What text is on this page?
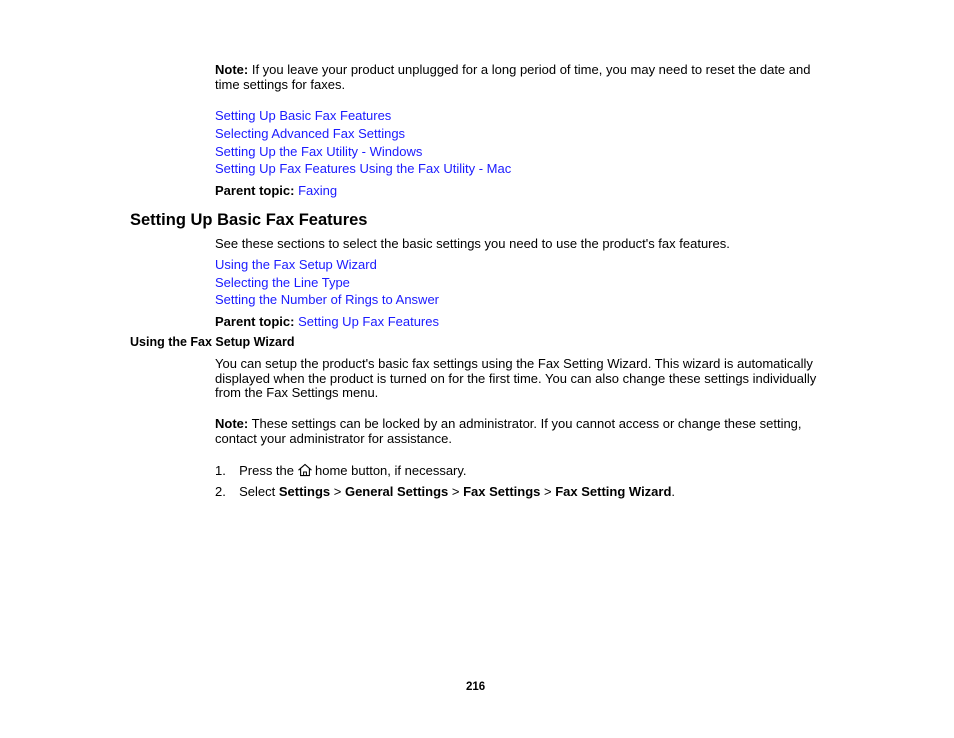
Note: If you leave your product unplugged for a long period of time, you may need to reset the date and
time settings for faxes.
Setting Up Basic Fax Features
Selecting Advanced Fax Settings
Setting Up the Fax Utility - Windows
Setting Up Fax Features Using the Fax Utility - Mac
Parent topic: Faxing
Setting Up Basic Fax Features
See these sections to select the basic settings you need to use the product's fax features.
Using the Fax Setup Wizard
Selecting the Line Type
Setting the Number of Rings to Answer
Parent topic: Setting Up Fax Features
Using the Fax Setup Wizard
You can setup the product's basic fax settings using the Fax Setting Wizard. This wizard is automatically
displayed when the product is turned on for the first time. You can also change these settings individually
from the Fax Settings menu.
Note: These settings can be locked by an administrator. If you cannot access or change these setting,
contact your administrator for assistance.
1. Press the home button, if necessary.
2. Select Settings > General Settings > Fax Settings > Fax Setting Wizard.
216
